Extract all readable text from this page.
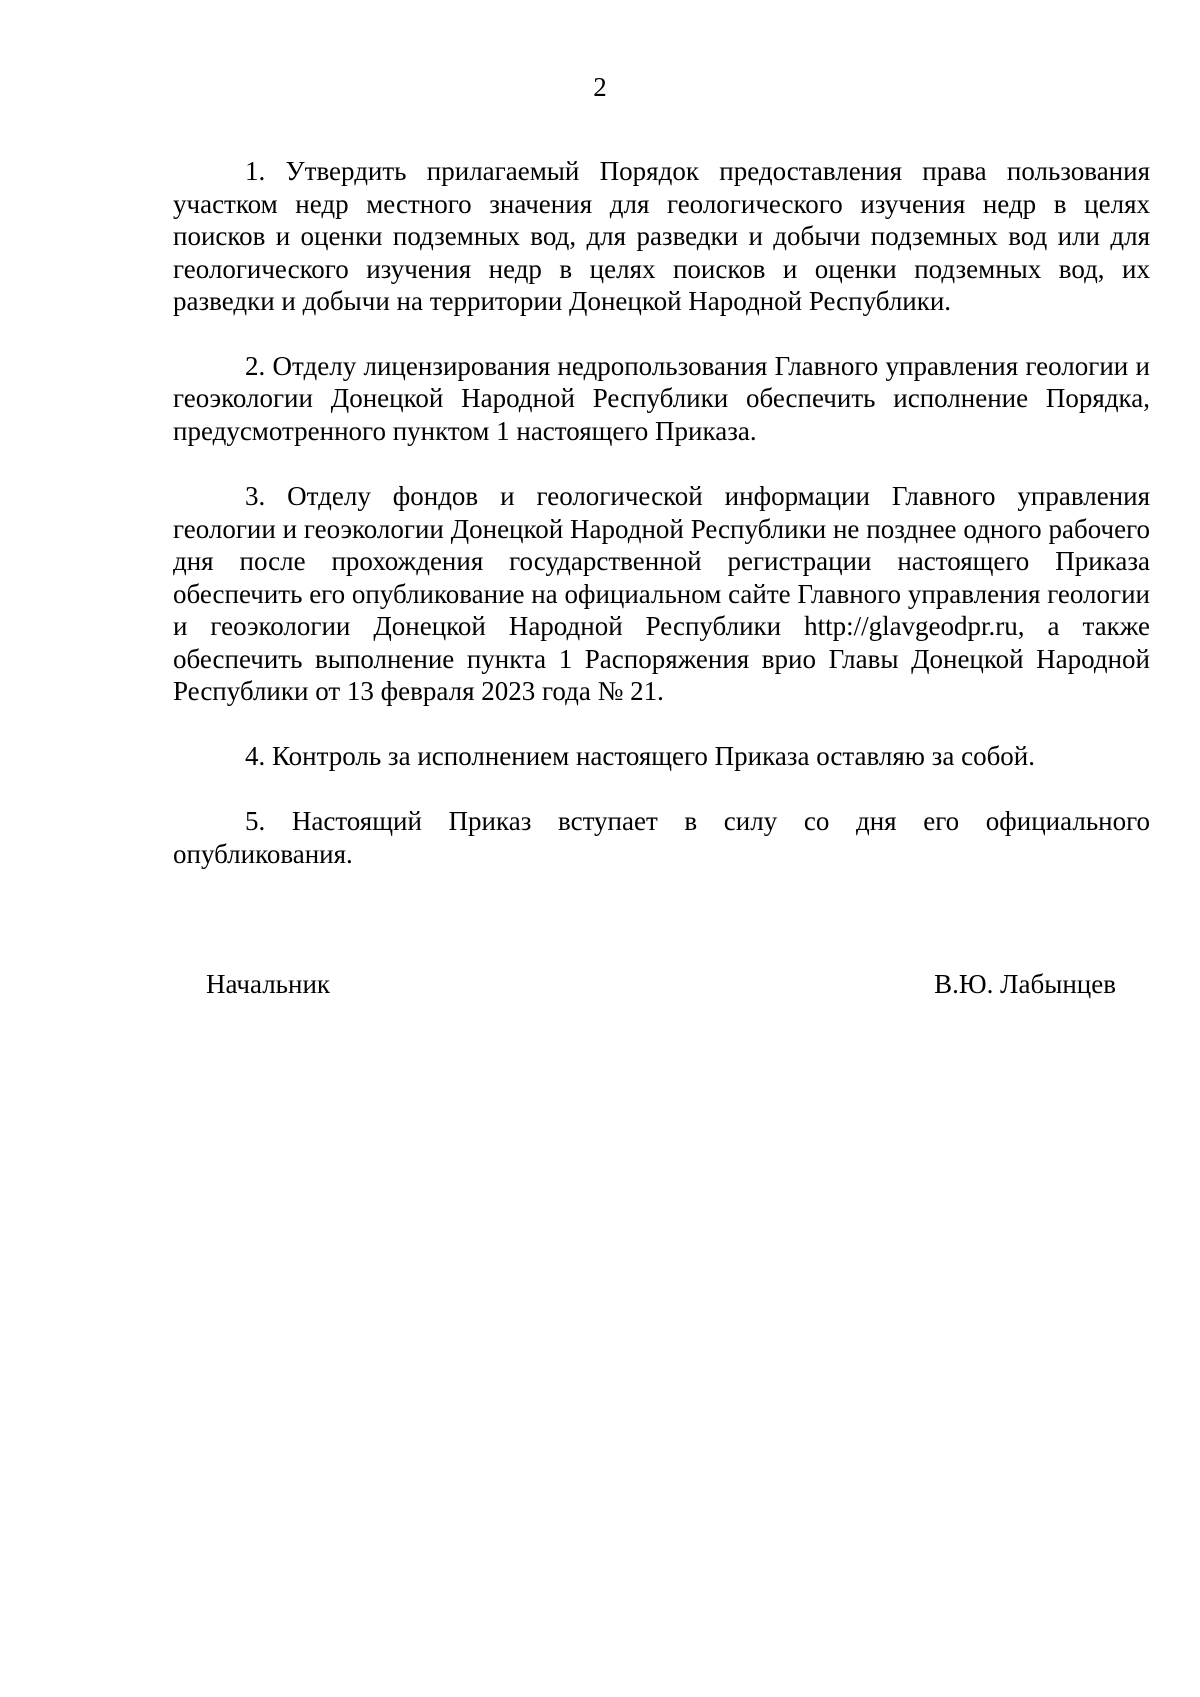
2

1. Утвердить прилагаемый Порядок предоставления права пользования участком недр местного значения для геологического изучения недр в целях поисков и оценки подземных вод, для разведки и добычи подземных вод или для геологического изучения недр в целях поисков и оценки подземных вод, их разведки и добычи на территории Донецкой Народной Республики.

2. Отделу лицензирования недропользования Главного управления геологии и геоэкологии Донецкой Народной Республики обеспечить исполнение Порядка, предусмотренного пунктом 1 настоящего Приказа.

3. Отделу фондов и геологической информации Главного управления геологии и геоэкологии Донецкой Народной Республики не позднее одного рабочего дня после прохождения государственной регистрации настоящего Приказа обеспечить его опубликование на официальном сайте Главного управления геологии и геоэкологии Донецкой Народной Республики http://glavgeodpr.ru, а также обеспечить выполнение пункта 1 Распоряжения врио Главы Донецкой Народной Республики от 13 февраля 2023 года № 21.

4. Контроль за исполнением настоящего Приказа оставляю за собой.

5. Настоящий Приказ вступает в силу со дня его официального опубликования.

Начальник	В.Ю. Лабынцев
